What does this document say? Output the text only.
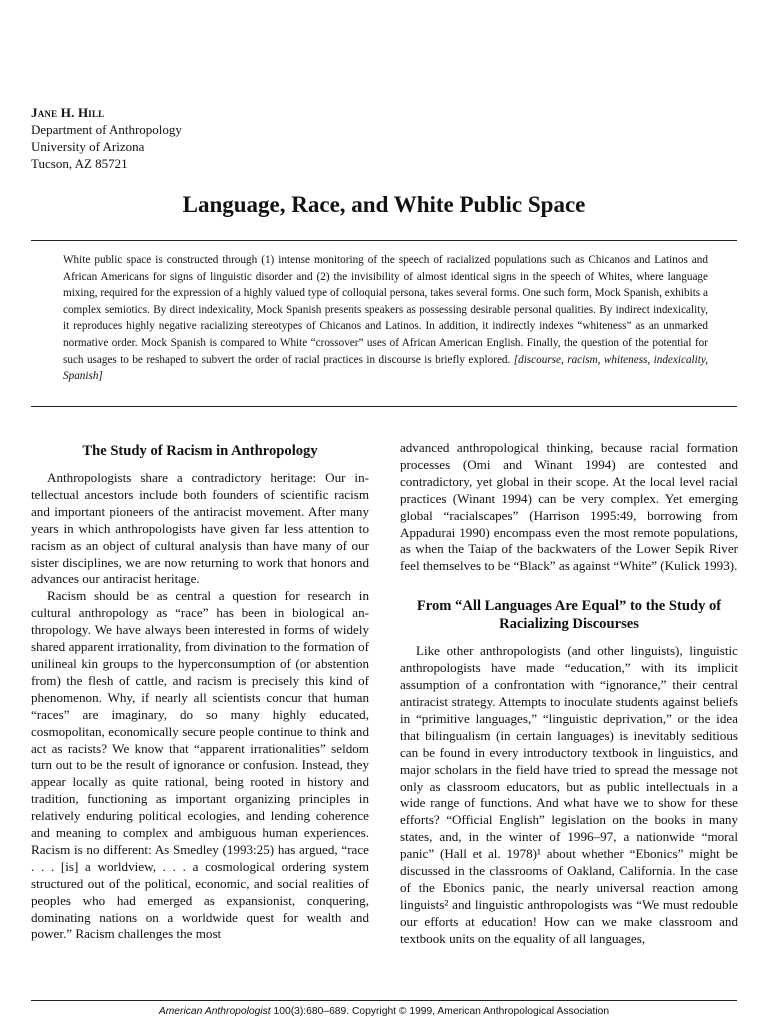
Jane H. Hill
Department of Anthropology
University of Arizona
Tucson, AZ 85721
Language, Race, and White Public Space

White public space is constructed through (1) intense monitoring of the speech of racialized populations such as Chicanos and Latinos and African Americans for signs of linguistic disorder and (2) the invisibility of almost identical signs in the speech of Whites, where language mixing, required for the expression of a highly valued type of colloquial persona, takes several forms. One such form, Mock Spanish, exhibits a complex semiotics. By direct indexicality, Mock Spanish presents speakers as possessing desirable personal qualities. By indirect indexicality, it reproduces highly negative racializing stereotypes of Chicanos and Latinos. In addition, it indirectly indexes “whiteness” as an unmarked normative order. Mock Spanish is compared to White “crossover” uses of African American English. Finally, the question of the potential for such usages to be reshaped to subvert the order of racial practices in discourse is briefly explored. [discourse, racism, whiteness, indexicality, Spanish]

The Study of Racism in Anthropology

Anthropologists share a contradictory heritage: Our intellectual ancestors include both founders of scientific racism and important pioneers of the antiracist movement. After many years in which anthropologists have given far less attention to racism as an object of cultural analysis than have many of our sister disciplines, we are now returning to work that honors and advances our antiracist heritage.

Racism should be as central a question for research in cultural anthropology as “race” has been in biological anthropology. We have always been interested in forms of widely shared apparent irrationality, from divination to the formation of unilineal kin groups to the hyperconsumption of (or abstention from) the flesh of cattle, and racism is precisely this kind of phenomenon. Why, if nearly all scientists concur that human “races” are imaginary, do so many highly educated, cosmopolitan, economically secure people continue to think and act as racists? We know that “apparent irrationalities” seldom turn out to be the result of ignorance or confusion. Instead, they appear locally as quite rational, being rooted in history and tradition, functioning as important organizing principles in relatively enduring political ecologies, and lending coherence and meaning to complex and ambiguous human experiences. Racism is no different: As Smedley (1993:25) has argued, “race . . . [is] a worldview, . . . a cosmological ordering system structured out of the political, economic, and social realities of peoples who had emerged as expansionist, conquering, dominating nations on a worldwide quest for wealth and power.” Racism challenges the most

advanced anthropological thinking, because racial formation processes (Omi and Winant 1994) are contested and contradictory, yet global in their scope. At the local level racial practices (Winant 1994) can be very complex. Yet emerging global “racialscapes” (Harrison 1995:49, borrowing from Appadurai 1990) encompass even the most remote populations, as when the Taiap of the backwaters of the Lower Sepik River feel themselves to be “Black” as against “White” (Kulick 1993).

From “All Languages Are Equal” to the Study of Racializing Discourses

Like other anthropologists (and other linguists), linguistic anthropologists have made “education,” with its implicit assumption of a confrontation with “ignorance,” their central antiracist strategy. Attempts to inoculate students against beliefs in “primitive languages,” “linguistic deprivation,” or the idea that bilingualism (in certain languages) is inevitably seditious can be found in every introductory textbook in linguistics, and major scholars in the field have tried to spread the message not only as classroom educators, but as public intellectuals in a wide range of functions. And what have we to show for these efforts? “Official English” legislation on the books in many states, and, in the winter of 1996–97, a nationwide “moral panic” (Hall et al. 1978)¹ about whether “Ebonics” might be discussed in the classrooms of Oakland, California. In the case of the Ebonics panic, the nearly universal reaction among linguists² and linguistic anthropologists was “We must redouble our efforts at education! How can we make classroom and textbook units on the equality of all languages,

American Anthropologist 100(3):680–689. Copyright © 1999, American Anthropological Association
